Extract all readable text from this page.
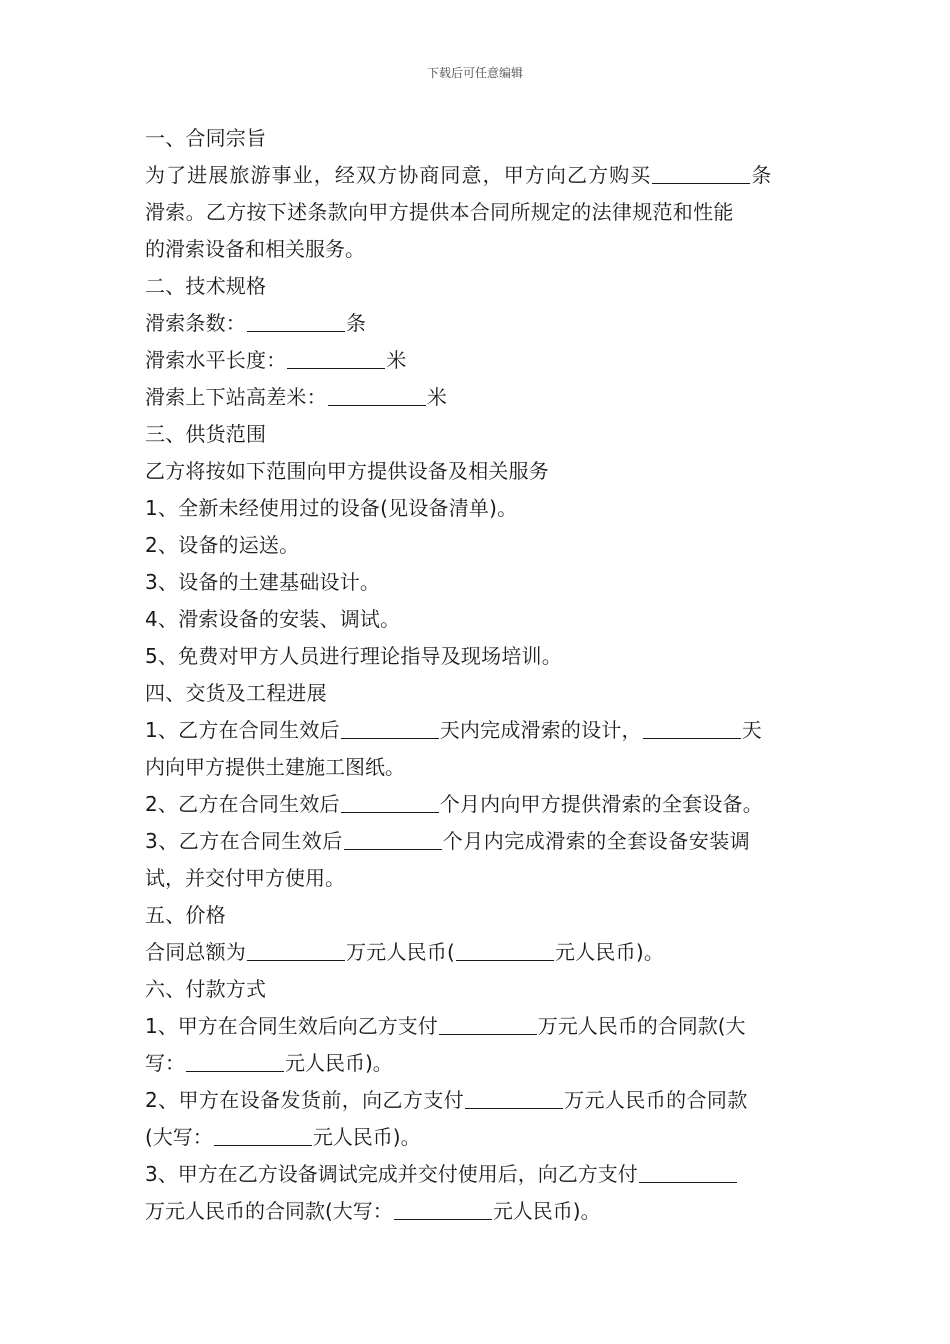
下载后可任意编辑

一、合同宗旨

为了进展旅游事业，经双方协商同意，甲方向乙方购买	条
滑索。乙方按下述条款向甲方提供本合同所规定的法律规范和性能
的滑索设备和相关服务。

二、技术规格

滑索条数：	条

滑索水平长度：	米

滑索上下站高差米：	米

三、供货范围

乙方将按如下范围向甲方提供设备及相关服务

1、全新未经使用过的设备(见设备清单)。

2、设备的运送。

3、设备的土建基础设计。

4、滑索设备的安装、调试。

5、免费对甲方人员进行理论指导及现场培训。

四、交货及工程进展

1、乙方在合同生效后	天内完成滑索的设计，	天
内向甲方提供土建施工图纸。

2、乙方在合同生效后	个月内向甲方提供滑索的全套设备。

3、乙方在合同生效后	个月内完成滑索的全套设备安装调
试，并交付甲方使用。

五、价格

合同总额为	万元人民币(	元人民币)。

六、付款方式

1、甲方在合同生效后向乙方支付	万元人民币的合同款(大
写：	元人民币)。

2、甲方在设备发货前，向乙方支付	万元人民币的合同款
(大写：	元人民币)。

3、甲方在乙方设备调试完成并交付使用后，向乙方支付
万元人民币的合同款(大写：	元人民币)。
